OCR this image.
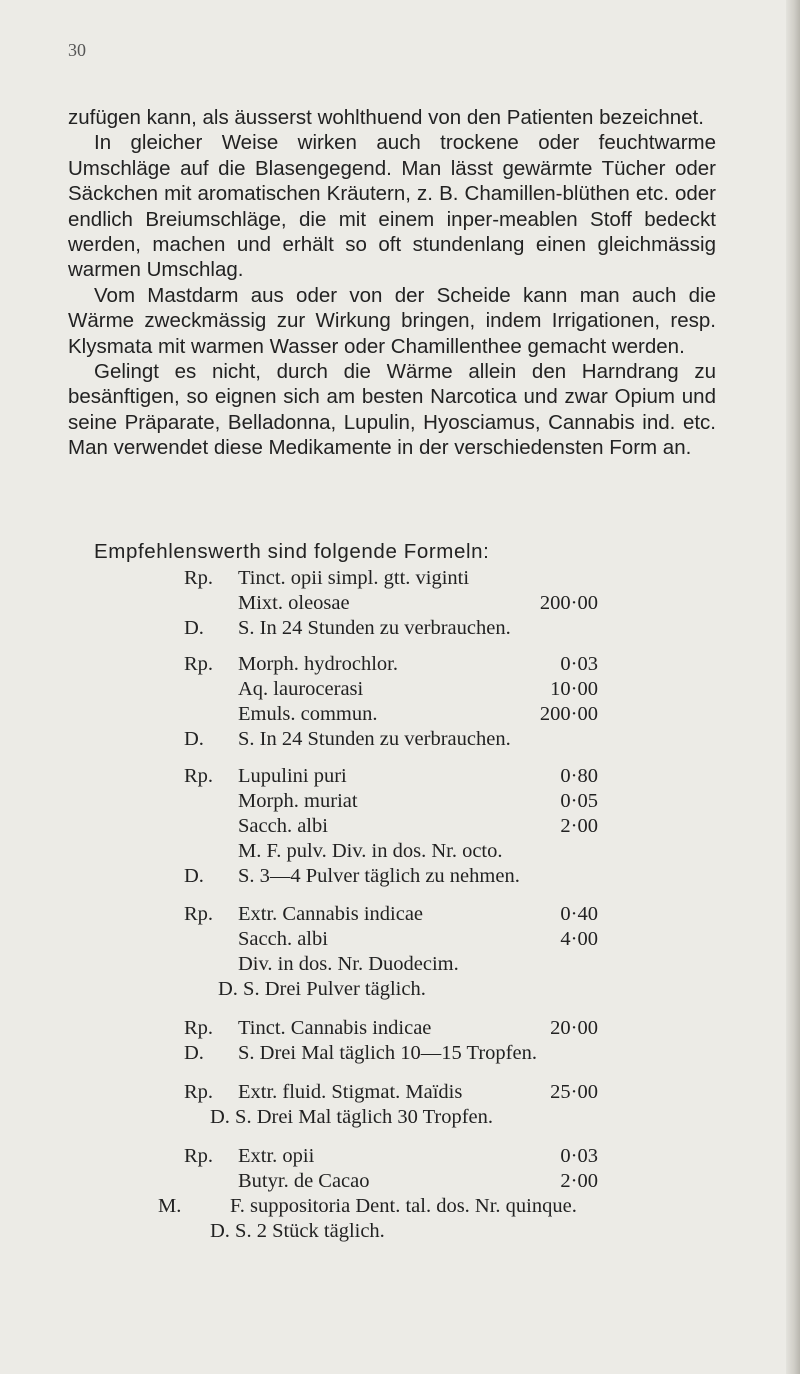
30

zufügen kann, als äusserst wohlthuend von den Patienten bezeichnet.

In gleicher Weise wirken auch trockene oder feuchtwarme Umschläge auf die Blasengegend. Man lässt gewärmte Tücher oder Säckchen mit aromatischen Kräutern, z. B. Chamillen-blüthen etc. oder endlich Breiumschläge, die mit einem inper-meablen Stoff bedeckt werden, machen und erhält so oft stundenlang einen gleichmässig warmen Umschlag.

Vom Mastdarm aus oder von der Scheide kann man auch die Wärme zweckmässig zur Wirkung bringen, indem Irrigationen, resp. Klysmata mit warmen Wasser oder Chamillenthee gemacht werden.

Gelingt es nicht, durch die Wärme allein den Harndrang zu besänftigen, so eignen sich am besten Narcotica und zwar Opium und seine Präparate, Belladonna, Lupulin, Hyosciamus, Cannabis ind. etc. Man verwendet diese Medikamente in der verschiedensten Form an.

Empfehlenswerth sind folgende Formeln:
Rp. Tinct. opii simpl. gtt. viginti
Mixt. oleosae	200·00
D. S. In 24 Stunden zu verbrauchen.
Rp. Morph. hydrochlor.	0·03
Aq. laurocerasi	10·00
Emuls. commun.	200·00
D. S. In 24 Stunden zu verbrauchen.
Rp. Lupulini puri	0·80
Morph. muriat	0·05
Sacch. albi	2·00
M. F. pulv. Div. in dos. Nr. octo.
D. S. 3—4 Pulver täglich zu nehmen.
Rp. Extr. Cannabis indicae	0·40
Sacch. albi	4·00
Div. in dos. Nr. Duodecim.
D. S. Drei Pulver täglich.
Rp. Tinct. Cannabis indicae	20·00
D. S. Drei Mal täglich 10—15 Tropfen.
Rp. Extr. fluid. Stigmat. Maïdis	25·00
D. S. Drei Mal täglich 30 Tropfen.
Rp. Extr. opii	0·03
Butyr. de Cacao	2·00
M. F. suppositoria Dent. tal. dos. Nr. quinque.
D. S. 2 Stück täglich.
